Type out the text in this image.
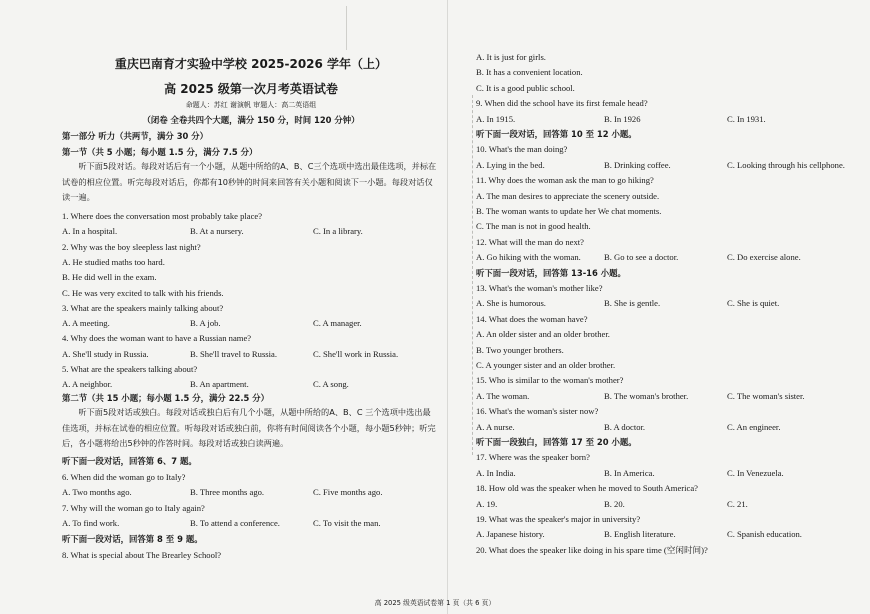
重庆巴南育才实验中学校 2025-2026 学年（上）
高 2025 级第一次月考英语试卷
命题人：苏红 谢演帆 审题人：高二英语组
（闭卷 全卷共四个大题，满分 150 分，时间 120 分钟）
第一部分 听力（共两节，满分 30 分）
第一节（共 5 小题；每小题 1.5 分，满分 7.5 分）
听下面5段对话。每段对话后有一个小题，从题中所给的A、B、C三个选项中选出最佳选项，并标在试卷的相应位置。听完每段对话后，你都有10秒钟的时间来回答有关小题和阅读下一小题。每段对话仅读一遍。
1. Where does the conversation most probably take place?
A. In a hospital.	B. At a nursery.	C. In a library.
2. Why was the boy sleepless last night?
A. He studied maths too hard.
B. He did well in the exam.
C. He was very excited to talk with his friends.
3. What are the speakers mainly talking about?
A. A meeting.	B. A job.	C. A manager.
4. Why does the woman want to have a Russian name?
A. She'll study in Russia.	B. She'll travel to Russia.	C. She'll work in Russia.
5. What are the speakers talking about?
A. A neighbor.	B. An apartment.	C. A song.
第二节（共 15 小题；每小题 1.5 分，满分 22.5 分）
听下面5段对话或独白。每段对话或独白后有几个小题，从题中所给的A、B、C 三个选项中选出最佳选项，并标在试卷的相应位置。听每段对话或独白前，你将有时间阅读各个小题，每小题5秒钟；听完后，各小题将给出5秒钟的作答时间。每段对话或独白读两遍。
听下面一段对话，回答第 6、7 题。
6. When did the woman go to Italy?
A. Two months ago.	B. Three months ago.	C. Five months ago.
7. Why will the woman go to Italy again?
A. To find work.	B. To attend a conference.	C. To visit the man.
听下面一段对话，回答第 8 至 9 题。
8. What is special about The Brearley School?
A. It is just for girls.
B. It has a convenient location.
C. It is a good public school.
9. When did the school have its first female head?
A. In 1915.	B. In 1926	C. In 1931.
听下面一段对话，回答第 10 至 12 小题。
10. What's the man doing?
A. Lying in the bed.	B. Drinking coffee.	C. Looking through his cellphone.
11. Why does the woman ask the man to go hiking?
A. The man desires to appreciate the scenery outside.
B. The woman wants to update her We chat moments.
C. The man is not in good health.
12. What will the man do next?
A. Go hiking with the woman.	B. Go to see a doctor.	C. Do exercise alone.
听下面一段对话，回答第 13-16 小题。
13. What's the woman's mother like?
A. She is humorous.	B. She is gentle.	C. She is quiet.
14. What does the woman have?
A. An older sister and an older brother.
B. Two younger brothers.
C. A younger sister and an older brother.
15. Who is similar to the woman's mother?
A. The woman.	B. The woman's brother.	C. The woman's sister.
16. What's the woman's sister now?
A. A nurse.	B. A doctor.	C. An engineer.
听下面一段独白，回答第 17 至 20 小题。
17. Where was the speaker born?
A. In India.	B. In America.	C. In Venezuela.
18. How old was the speaker when he moved to South America?
A. 19.	B. 20.	C. 21.
19. What was the speaker's major in university?
A. Japanese history.	B. English literature.	C. Spanish education.
20. What does the speaker like doing in his spare time (空闲时间)?
高 2025 级英语试卷第 1 页（共 6 页）
